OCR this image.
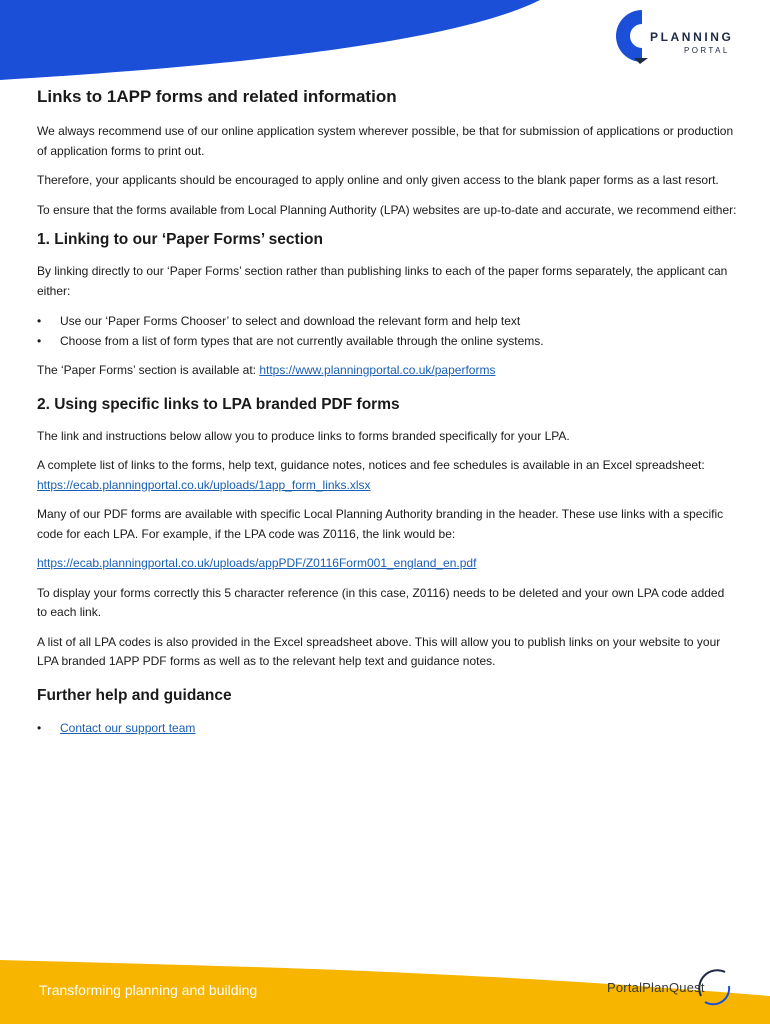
PLANNING
PORTAL
Links to 1APP forms and related information

We always recommend use of our online application system wherever possible, be that for submission of applications or production of application forms to print out.

Therefore, your applicants should be encouraged to apply online and only given access to the blank paper forms as a last resort.

To ensure that the forms available from Local Planning Authority (LPA) websites are up-to-date and accurate, we recommend either:

1. Linking to our ‘Paper Forms’ section

By linking directly to our ‘Paper Forms’ section rather than publishing links to each of the paper forms separately, the applicant can either:

• Use our ‘Paper Forms Chooser’ to select and download the relevant form and help text
• Choose from a list of form types that are not currently available through the online systems.

The ‘Paper Forms’ section is available at: https://www.planningportal.co.uk/paperforms

2. Using specific links to LPA branded PDF forms

The link and instructions below allow you to produce links to forms branded specifically for your LPA.

A complete list of links to the forms, help text, guidance notes, notices and fee schedules is available in an Excel spreadsheet: https://ecab.planningportal.co.uk/uploads/1app_form_links.xlsx

Many of our PDF forms are available with specific Local Planning Authority branding in the header. These use links with a specific code for each LPA. For example, if the LPA code was Z0116, the link would be:

https://ecab.planningportal.co.uk/uploads/appPDF/Z0116Form001_england_en.pdf

To display your forms correctly this 5 character reference (in this case, Z0116) needs to be deleted and your own LPA code added to each link.

A list of all LPA codes is also provided in the Excel spreadsheet above. This will allow you to publish links on your website to your LPA branded 1APP PDF forms as well as to the relevant help text and guidance notes.

Further help and guidance
• Contact our support team
Transforming planning and building	PortalPlanQuest
